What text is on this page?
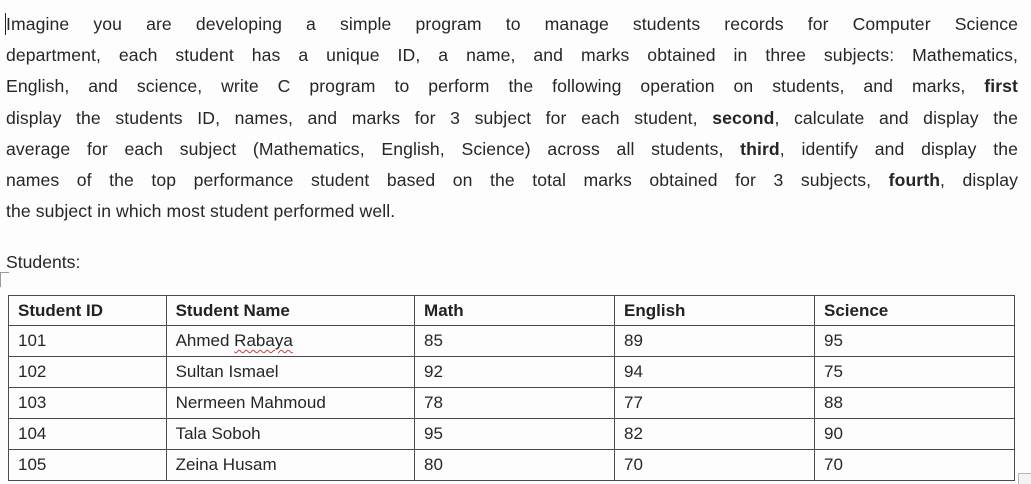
Imagine you are developing a simple program to manage students records for Computer Science
department, each student has a unique ID, a name, and marks obtained in three subjects: Mathematics,
English, and science, write C program to perform the following operation on students, and marks, first
display the students ID, names, and marks for 3 subject for each student, second, calculate and display the
average for each subject (Mathematics, English, Science) across all students, third, identify and display the
names of the top performance student based on the total marks obtained for 3 subjects, fourth, display
the subject in which most student performed well.

Students:

Student ID	Student Name	Math	English	Science
101	Ahmed Rabaya	85	89	95
102	Sultan Ismael	92	94	75
103	Nermeen Mahmoud	78	77	88
104	Tala Soboh	95	82	90
105	Zeina Husam	80	70	70
